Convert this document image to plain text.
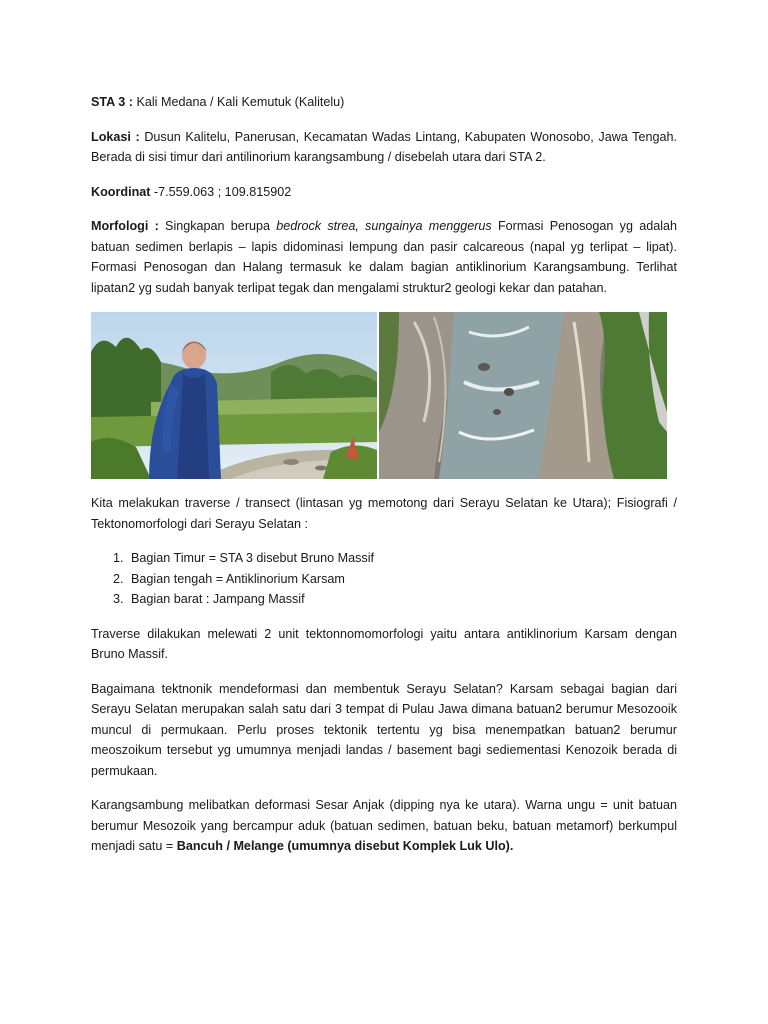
STA 3 : Kali Medana / Kali Kemutuk (Kalitelu)

Lokasi : Dusun Kalitelu, Panerusan, Kecamatan Wadas Lintang, Kabupaten Wonosobo, Jawa Tengah. Berada di sisi timur dari antilinorium karangsambung / disebelah utara dari STA 2.

Koordinat -7.559.063 ; 109.815902

Morfologi : Singkapan berupa bedrock strea, sungainya menggerus Formasi Penosogan yg adalah batuan sedimen berlapis – lapis didominasi lempung dan pasir calcareous (napal yg terlipat – lipat). Formasi Penosogan dan Halang termasuk ke dalam bagian antiklinorium Karangsambung. Terlihat lipatan2 yg sudah banyak terlipat tegak dan mengalami struktur2 geologi kekar dan patahan.

Kita melakukan traverse / transect (lintasan yg memotong dari Serayu Selatan ke Utara); Fisiografi / Tektonomorfologi dari Serayu Selatan :

1. Bagian Timur = STA 3 disebut Bruno Massif
2. Bagian tengah = Antiklinorium Karsam
3. Bagian barat : Jampang Massif

Traverse dilakukan melewati 2 unit tektonnomomorfologi yaitu antara antiklinorium Karsam dengan Bruno Massif.

Bagaimana tektnonik mendeformasi dan membentuk Serayu Selatan? Karsam sebagai bagian dari Serayu Selatan merupakan salah satu dari 3 tempat di Pulau Jawa dimana batuan2 berumur Mesozooik muncul di permukaan. Perlu proses tektonik tertentu yg bisa menempatkan batuan2 berumur meoszoikum tersebut yg umumnya menjadi landas / basement bagi sediementasi Kenozoik berada di permukaan.

Karangsambung melibatkan deformasi Sesar Anjak (dipping nya ke utara). Warna ungu = unit batuan berumur Mesozoik yang bercampur aduk (batuan sedimen, batuan beku, batuan metamorf) berkumpul menjadi satu = Bancuh / Melange (umumnya disebut Komplek Luk Ulo).
